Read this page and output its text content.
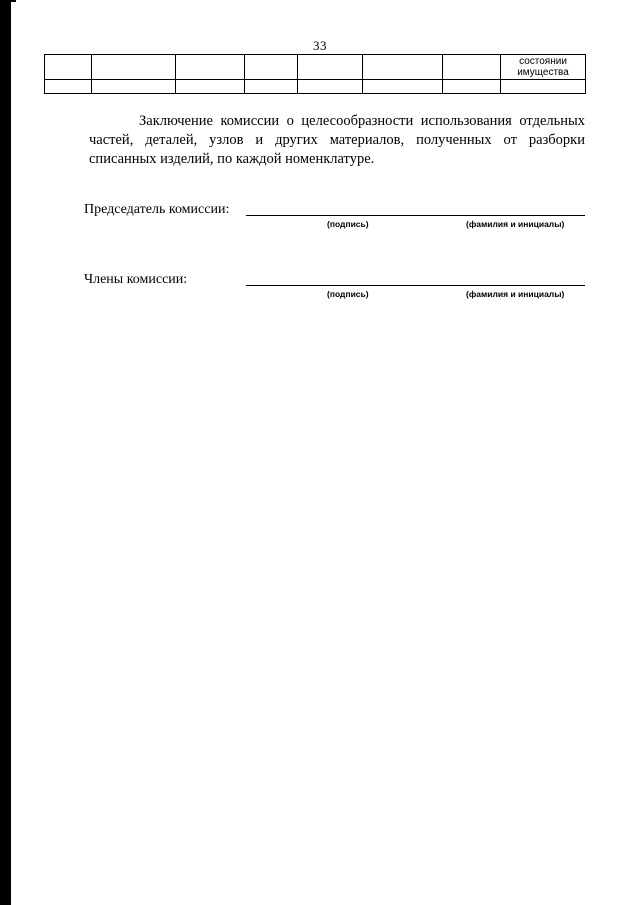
33
							состоянии имущества

Заключение комиссии о целесообразности использования отдельных частей, деталей, узлов и других материалов, полученных от разборки списанных изделий, по каждой номенклатуре.
Председатель комиссии:
(подпись)	(фамилия и инициалы)
Члены комиссии:
(подпись)	(фамилия и инициалы)
